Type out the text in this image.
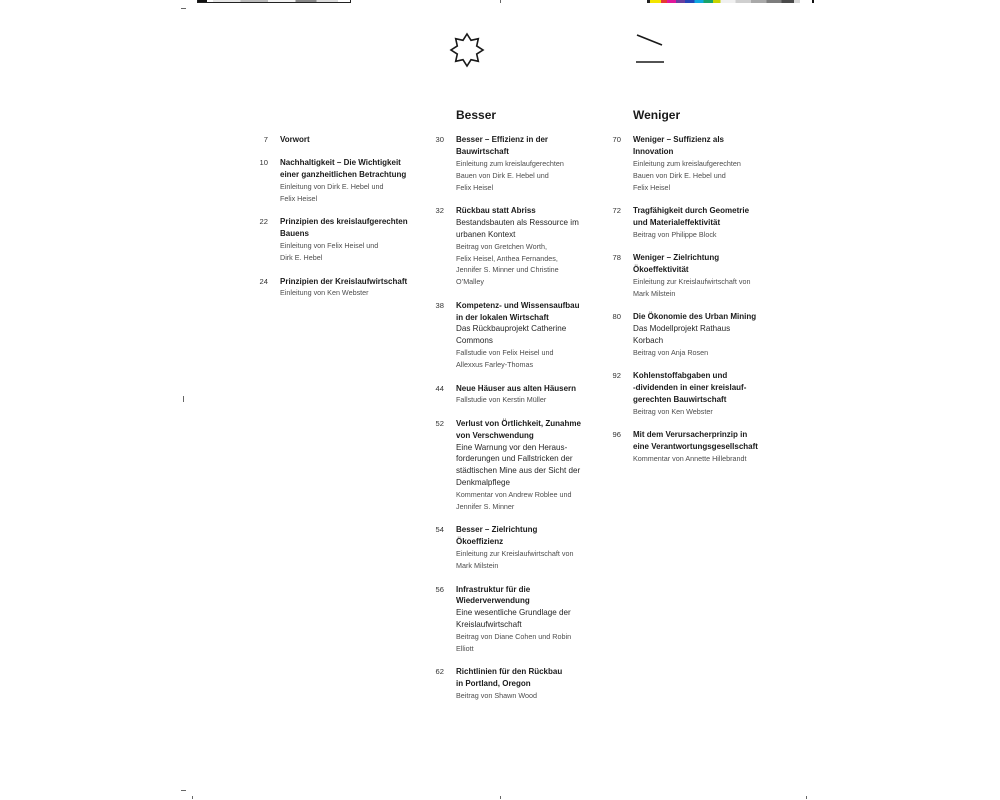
Besser	Weniger
7 Vorwort
10 Nachhaltigkeit – Die Wichtigkeit
einer ganzheitlichen Betrachtung
Einleitung von Dirk E. Hebel und
Felix Heisel
22 Prinzipien des kreislaufgerechten
Bauens
Einleitung von Felix Heisel und
Dirk E. Hebel
24 Prinzipien der Kreislaufwirtschaft
Einleitung von Ken Webster
30 Besser – Effizienz in der
Bauwirtschaft
Einleitung zum kreislaufgerechten
Bauen von Dirk E. Hebel und
Felix Heisel
32 Rückbau statt Abriss
Bestandsbauten als Ressource im
urbanen Kontext
Beitrag von Gretchen Worth,
Felix Heisel, Anthea Fernandes,
Jennifer S. Minner und Christine
O’Malley
38 Kompetenz- und Wissensaufbau
in der lokalen Wirtschaft
Das Rückbauprojekt Catherine
Commons
Fallstudie von Felix Heisel und
Allexxus Farley-Thomas
44 Neue Häuser aus alten Häusern
Fallstudie von Kerstin Müller
52 Verlust von Örtlichkeit, Zunahme
von Verschwendung
Eine Warnung vor den Heraus-
forderungen und Fallstricken der
städtischen Mine aus der Sicht der
Denkmalpflege
Kommentar von Andrew Roblee und
Jennifer S. Minner
54 Besser – Zielrichtung
Ökoeffizienz
Einleitung zur Kreislaufwirtschaft von
Mark Milstein
56 Infrastruktur für die
Wiederverwendung
Eine wesentliche Grundlage der
Kreislaufwirtschaft
Beitrag von Diane Cohen und Robin
Elliott
62 Richtlinien für den Rückbau
in Portland, Oregon
Beitrag von Shawn Wood
70 Weniger – Suffizienz als
Innovation
Einleitung zum kreislaufgerechten
Bauen von Dirk E. Hebel und
Felix Heisel
72 Tragfähigkeit durch Geometrie
und Materialeffektivität
Beitrag von Philippe Block
78 Weniger – Zielrichtung
Ökoeffektivität
Einleitung zur Kreislaufwirtschaft von
Mark Milstein
80 Die Ökonomie des Urban Mining
Das Modellprojekt Rathaus
Korbach
Beitrag von Anja Rosen
92 Kohlenstoffabgaben und
-dividenden in einer kreislauf-
gerechten Bauwirtschaft
Beitrag von Ken Webster
96 Mit dem Verursacherprinzip in
eine Verantwortungsgesellschaft
Kommentar von Annette Hillebrandt
